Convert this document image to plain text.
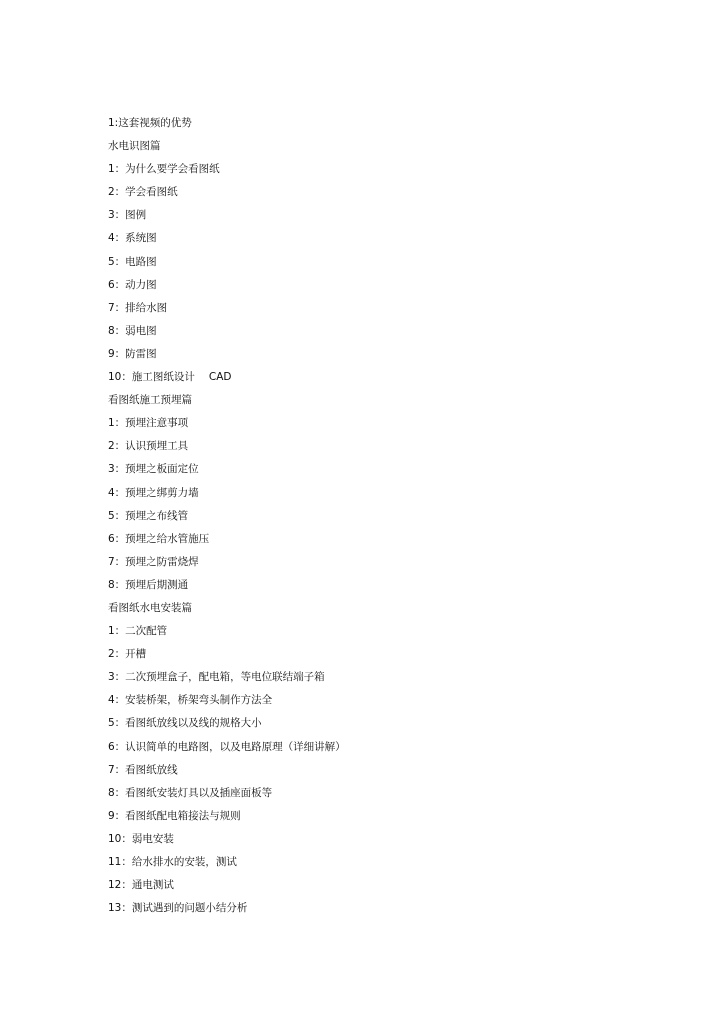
1:这套视频的优势
水电识图篇
1：为什么要学会看图纸
2：学会看图纸
3：图例
4：系统图
5：电路图
6：动力图
7：排给水图
8：弱电图
9：防雷图
10：施工图纸设计 CAD
看图纸施工预埋篇
1：预埋注意事项
2：认识预埋工具
3：预埋之板面定位
4：预埋之绑剪力墙
5：预埋之布线管
6：预埋之给水管施压
7：预埋之防雷烧焊
8：预埋后期测通
看图纸水电安装篇
1：二次配管
2：开槽
3：二次预埋盒子，配电箱，等电位联结端子箱
4：安装桥架，桥架弯头制作方法全
5：看图纸放线以及线的规格大小
6：认识简单的电路图，以及电路原理（详细讲解）
7：看图纸放线
8：看图纸安装灯具以及插座面板等
9：看图纸配电箱接法与规则
10：弱电安装
11：给水排水的安装，测试
12：通电测试
13：测试遇到的问题小结分析
